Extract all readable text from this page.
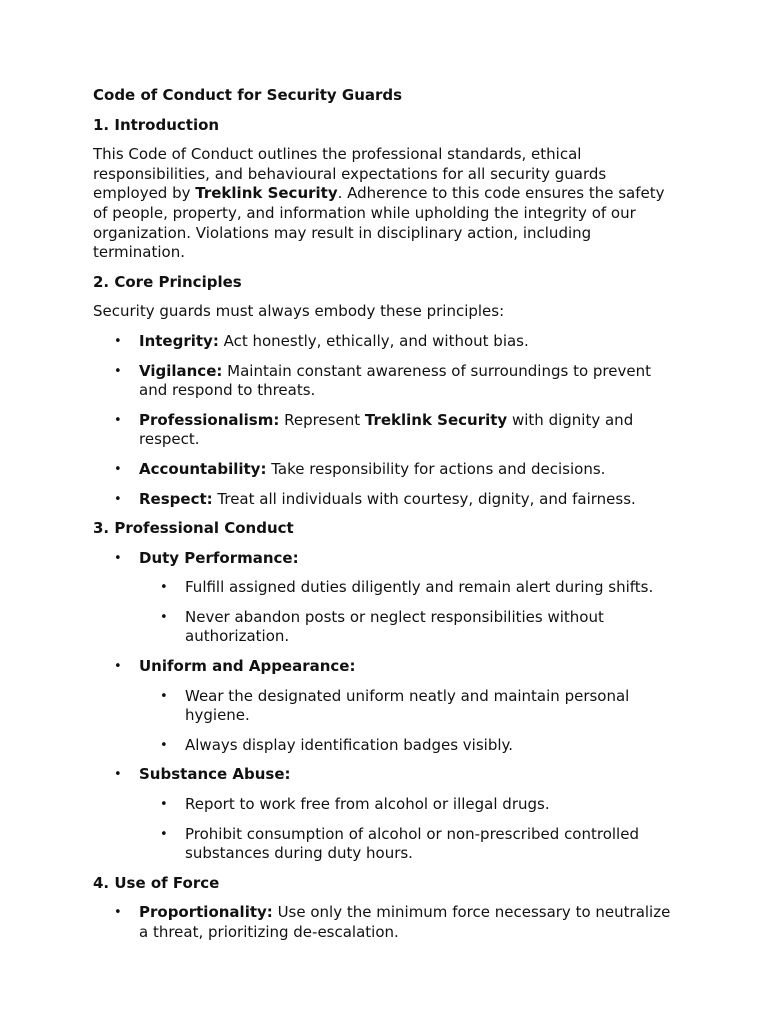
Code of Conduct for Security Guards
1. Introduction

This Code of Conduct outlines the professional standards, ethical responsibilities, and behavioural expectations for all security guards employed by Treklink Security. Adherence to this code ensures the safety of people, property, and information while upholding the integrity of our organization. Violations may result in disciplinary action, including termination.

2. Core Principles

Security guards must always embody these principles:

• Integrity: Act honestly, ethically, and without bias.
• Vigilance: Maintain constant awareness of surroundings to prevent and respond to threats.
• Professionalism: Represent Treklink Security with dignity and respect.
• Accountability: Take responsibility for actions and decisions.
• Respect: Treat all individuals with courtesy, dignity, and fairness.
3. Professional Conduct
• Duty Performance:
• Fulfill assigned duties diligently and remain alert during shifts.
• Never abandon posts or neglect responsibilities without authorization.
• Uniform and Appearance:
• Wear the designated uniform neatly and maintain personal hygiene.
• Always display identification badges visibly.
• Substance Abuse:
• Report to work free from alcohol or illegal drugs.
• Prohibit consumption of alcohol or non-prescribed controlled substances during duty hours.
4. Use of Force
• Proportionality: Use only the minimum force necessary to neutralize a threat, prioritizing de-escalation.
